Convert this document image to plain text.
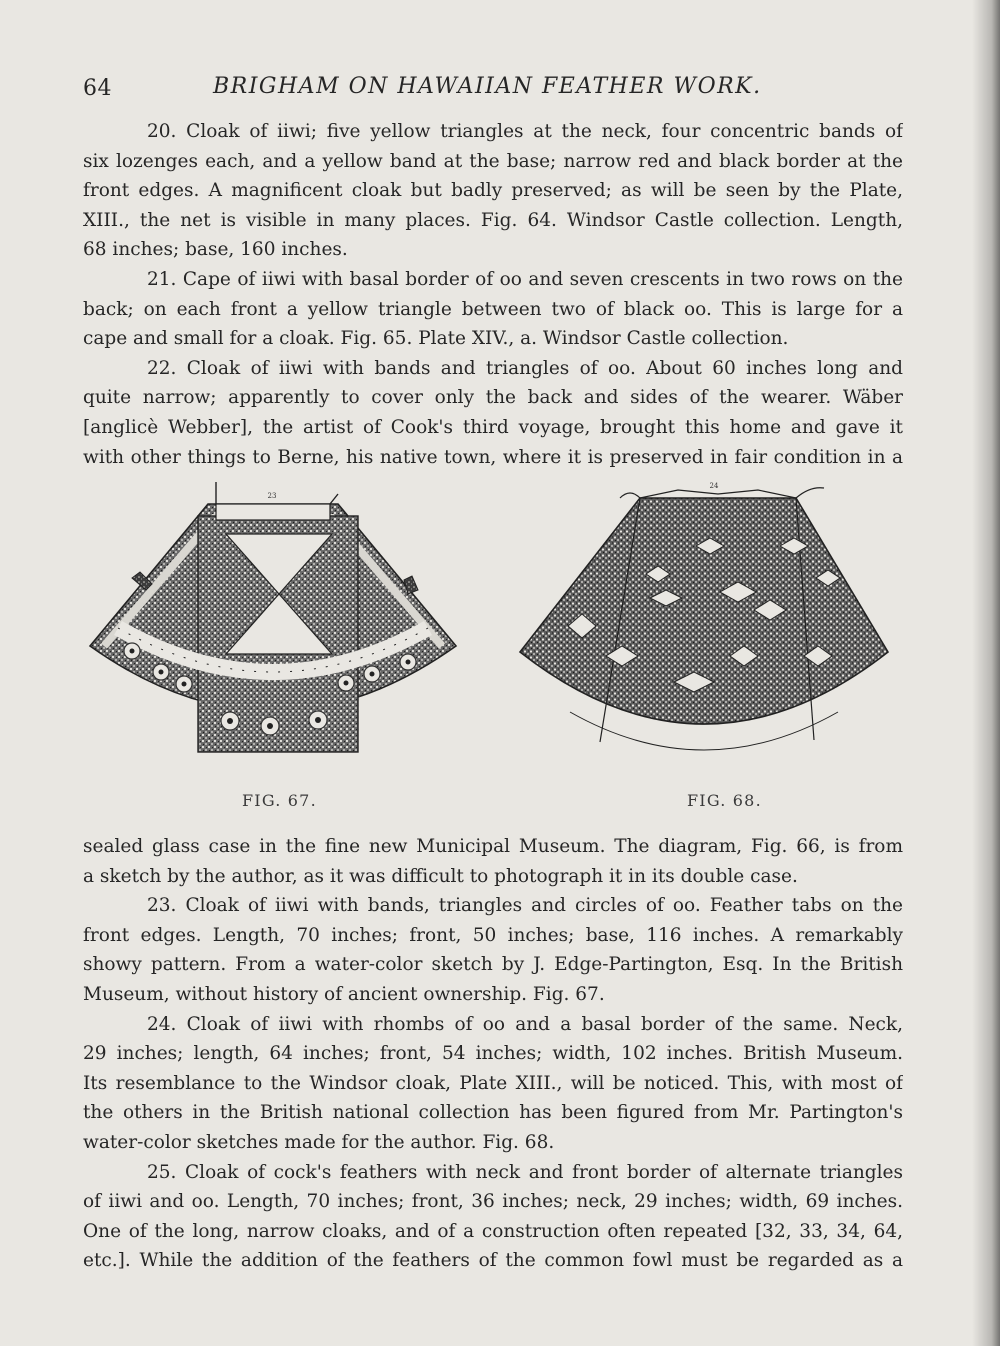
64	BRIGHAM ON HAWAIIAN FEATHER WORK.
20. Cloak of iiwi; five yellow triangles at the neck, four concentric bands of
six lozenges each, and a yellow band at the base; narrow red and black border at the
front edges. A magnificent cloak but badly preserved; as will be seen by the Plate,
XIII., the net is visible in many places. Fig. 64. Windsor Castle collection. Length,
68 inches; base, 160 inches.
21. Cape of iiwi with basal border of oo and seven crescents in two rows on the
back; on each front a yellow triangle between two of black oo. This is large for a
cape and small for a cloak. Fig. 65. Plate XIV., a. Windsor Castle collection.
22. Cloak of iiwi with bands and triangles of oo. About 60 inches long and
quite narrow; apparently to cover only the back and sides of the wearer. Wäber
[anglicè Webber], the artist of Cook's third voyage, brought this home and gave it
with other things to Berne, his native town, where it is preserved in fair condition in a
23
FIG. 67.
24
FIG. 68.
sealed glass case in the fine new Municipal Museum. The diagram, Fig. 66, is from
a sketch by the author, as it was difficult to photograph it in its double case.
23. Cloak of iiwi with bands, triangles and circles of oo. Feather tabs on the
front edges. Length, 70 inches; front, 50 inches; base, 116 inches. A remarkably
showy pattern. From a water-color sketch by J. Edge-Partington, Esq. In the British
Museum, without history of ancient ownership. Fig. 67.
24. Cloak of iiwi with rhombs of oo and a basal border of the same. Neck,
29 inches; length, 64 inches; front, 54 inches; width, 102 inches. British Museum.
Its resemblance to the Windsor cloak, Plate XIII., will be noticed. This, with most of
the others in the British national collection has been figured from Mr. Partington's
water-color sketches made for the author. Fig. 68.
25. Cloak of cock's feathers with neck and front border of alternate triangles
of iiwi and oo. Length, 70 inches; front, 36 inches; neck, 29 inches; width, 69 inches.
One of the long, narrow cloaks, and of a construction often repeated [32, 33, 34, 64,
etc.]. While the addition of the feathers of the common fowl must be regarded as a
